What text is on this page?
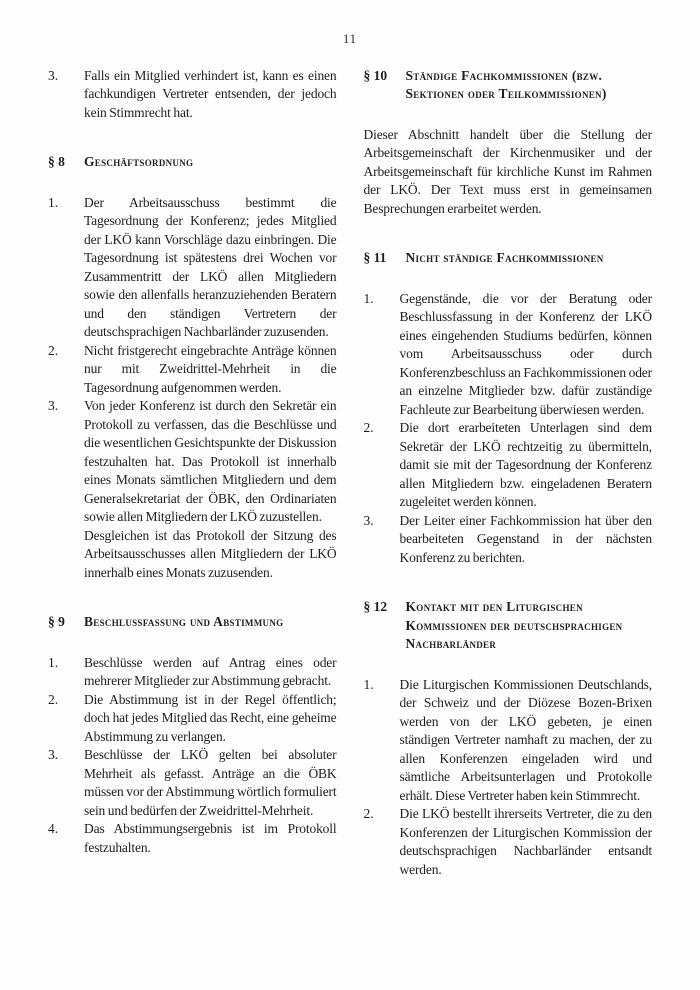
11
3.	Falls ein Mitglied verhindert ist, kann es einen fachkundigen Vertreter entsenden, der jedoch kein Stimmrecht hat.
§ 8	Geschäftsordnung
1.	Der Arbeitsausschuss bestimmt die Tagesordnung der Konferenz; jedes Mitglied der LKÖ kann Vorschläge dazu einbringen. Die Tagesordnung ist spätestens drei Wochen vor Zusammentritt der LKÖ allen Mitgliedern sowie den allenfalls heranzuziehenden Beratern und den ständigen Vertretern der deutschsprachigen Nachbarländer zuzusenden.
2.	Nicht fristgerecht eingebrachte Anträge können nur mit Zweidrittel-Mehrheit in die Tagesordnung aufgenommen werden.
3.	Von jeder Konferenz ist durch den Sekretär ein Protokoll zu verfassen, das die Beschlüsse und die wesentlichen Gesichtspunkte der Diskussion festzuhalten hat. Das Protokoll ist innerhalb eines Monats sämtlichen Mitgliedern und dem Generalsekretariat der ÖBK, den Ordinariaten sowie allen Mitgliedern der LKÖ zuzustellen.
Desgleichen ist das Protokoll der Sitzung des Arbeitsausschusses allen Mitgliedern der LKÖ innerhalb eines Monats zuzusenden.
§ 9	Beschlussfassung und Abstimmung
1.	Beschlüsse werden auf Antrag eines oder mehrerer Mitglieder zur Abstimmung gebracht.
2.	Die Abstimmung ist in der Regel öffentlich; doch hat jedes Mitglied das Recht, eine geheime Abstimmung zu verlangen.
3.	Beschlüsse der LKÖ gelten bei absoluter Mehrheit als gefasst. Anträge an die ÖBK müssen vor der Abstimmung wörtlich formuliert sein und bedürfen der Zweidrittel-Mehrheit.
4.	Das Abstimmungsergebnis ist im Protokoll festzuhalten.
§ 10	Ständige Fachkommissionen (bzw. Sektionen oder Teilkommissionen)
Dieser Abschnitt handelt über die Stellung der Arbeitsgemeinschaft der Kirchenmusiker und der Arbeitsgemeinschaft für kirchliche Kunst im Rahmen der LKÖ. Der Text muss erst in gemeinsamen Besprechungen erarbeitet werden.
§ 11	Nicht ständige Fachkommissionen
1.	Gegenstände, die vor der Beratung oder Beschlussfassung in der Konferenz der LKÖ eines eingehenden Studiums bedürfen, können vom Arbeitsausschuss oder durch Konferenzbeschluss an Fachkommissionen oder an einzelne Mitglieder bzw. dafür zuständige Fachleute zur Bearbeitung überwiesen werden.
2.	Die dort erarbeiteten Unterlagen sind dem Sekretär der LKÖ rechtzeitig zu übermitteln, damit sie mit der Tagesordnung der Konferenz allen Mitgliedern bzw. eingeladenen Beratern zugeleitet werden können.
3.	Der Leiter einer Fachkommission hat über den bearbeiteten Gegenstand in der nächsten Konferenz zu berichten.
§ 12	Kontakt mit den Liturgischen Kommissionen der deutschsprachigen Nachbarländer
1.	Die Liturgischen Kommissionen Deutschlands, der Schweiz und der Diözese Bozen-Brixen werden von der LKÖ gebeten, je einen ständigen Vertreter namhaft zu machen, der zu allen Konferenzen eingeladen wird und sämtliche Arbeitsunterlagen und Protokolle erhält. Diese Vertreter haben kein Stimmrecht.
2.	Die LKÖ bestellt ihrerseits Vertreter, die zu den Konferenzen der Liturgischen Kommission der deutschsprachigen Nachbarländer entsandt werden.
